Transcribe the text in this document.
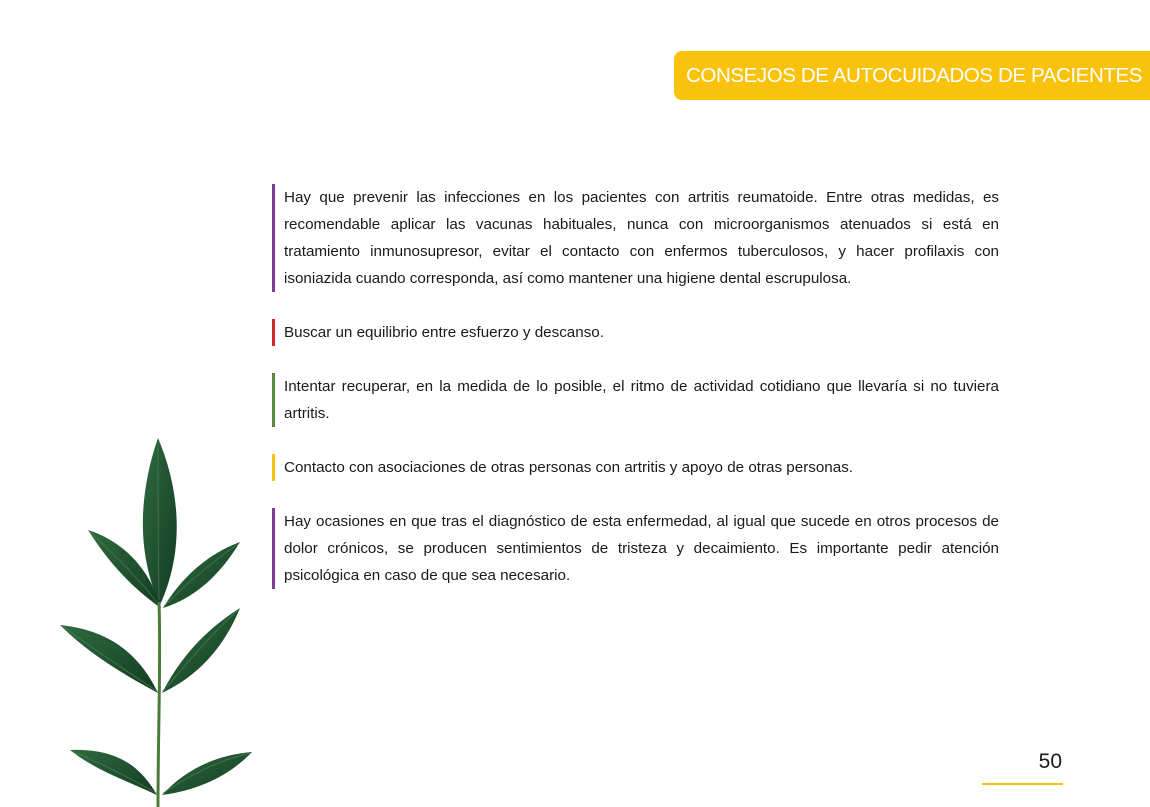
CONSEJOS DE AUTOCUIDADOS DE PACIENTES

Hay que prevenir las infecciones en los pacientes con artritis reumatoide. Entre otras medidas, es recomendable aplicar las vacunas habituales, nunca con microorganismos atenuados si está en tratamiento inmunosupresor, evitar el contacto con enfermos tuberculosos, y hacer profilaxis con isoniazida cuando corresponda, así como mantener una higiene dental escrupulosa.

Buscar un equilibrio entre esfuerzo y descanso.

Intentar recuperar, en la medida de lo posible, el ritmo de actividad cotidiano que llevaría si no tuviera artritis.

Contacto con asociaciones de otras personas con artritis y apoyo de otras personas.

Hay ocasiones en que tras el diagnóstico de esta enfermedad, al igual que sucede en otros procesos de dolor crónicos, se producen sentimientos de tristeza y decaimiento. Es importante pedir atención psicológica en caso de que sea necesario.

50
